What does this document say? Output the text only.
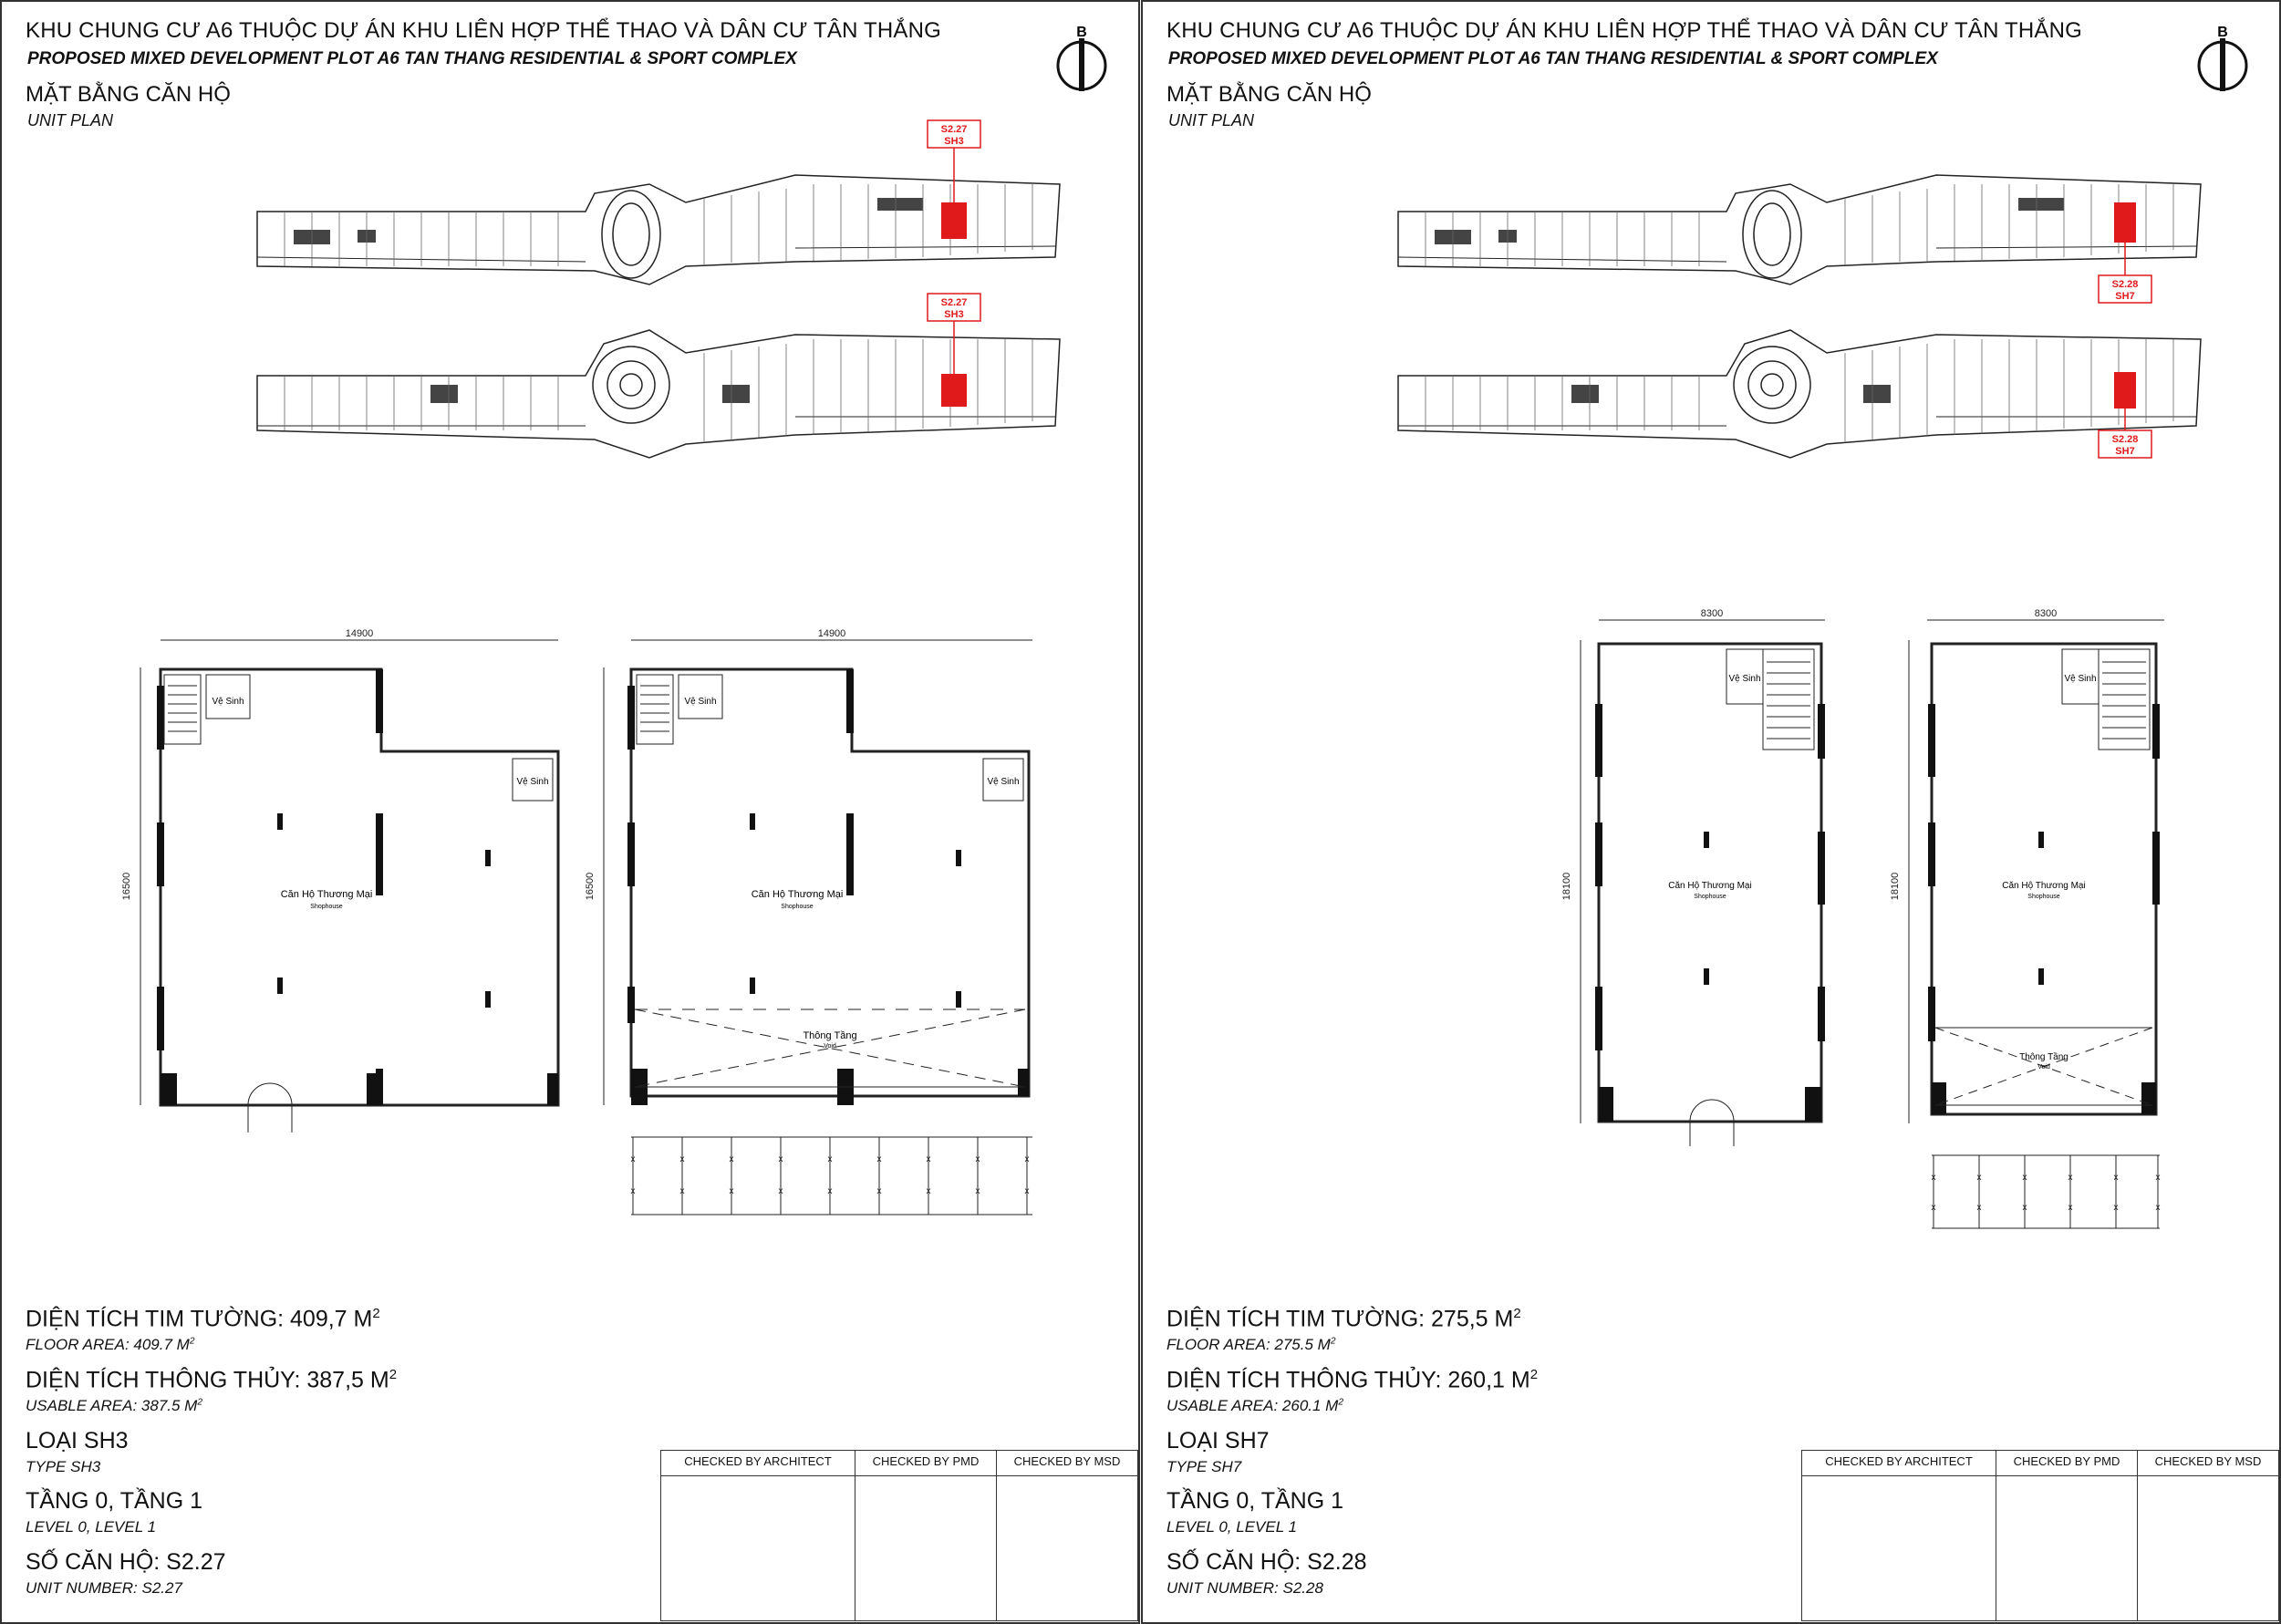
KHU CHUNG CƯ A6 THUỘC DỰ ÁN KHU LIÊN HỢP THỂ THAO VÀ DÂN CƯ TÂN THẮNG
PROPOSED MIXED DEVELOPMENT PLOT A6 TAN THANG RESIDENTIAL & SPORT COMPLEX
MẶT BẰNG CĂN HỘ
UNIT PLAN
B
S2.27
SH3
S2.27
SH3
14900
16500
14900
16500
Vệ Sinh
Vệ Sinh
Căn Hộ Thương Mại
Shophouse
Vệ Sinh
Vệ Sinh
Căn Hộ Thương Mại
Shophouse
Thông Tầng
Void
x	x	x	x	x	x	x	x	x
x	x	x	x	x	x	x	x	x
DIỆN TÍCH TIM TƯỜNG: 409,7 $M^2$
FLOOR AREA: 409.7 $M^2$
DIỆN TÍCH THÔNG THỦY: 387,5 $M^2$
USABLE AREA: 387.5 $M^2$
LOẠI SH3
TYPE SH3
TẦNG 0, TẦNG 1
LEVEL 0, LEVEL 1
SỐ CĂN HỘ: S2.27
UNIT NUMBER: S2.27
CHECKED BY ARCHITECT	CHECKED BY PMD	CHECKED BY MSD

KHU CHUNG CƯ A6 THUỘC DỰ ÁN KHU LIÊN HỢP THỂ THAO VÀ DÂN CƯ TÂN THẮNG
PROPOSED MIXED DEVELOPMENT PLOT A6 TAN THANG RESIDENTIAL & SPORT COMPLEX
MẶT BẰNG CĂN HỘ
UNIT PLAN
B
S2.28
SH7
S2.28
SH7
8300
18100
8300
18100
Vệ Sinh
Căn Hộ Thương Mại
Shophouse
Vệ Sinh
Căn Hộ Thương Mại
Shophouse
Thông Tầng
Void
x	x	x	x	x	x
x	x	x	x	x	x
DIỆN TÍCH TIM TƯỜNG: 275,5 $M^2$
FLOOR AREA: 275.5 $M^2$
DIỆN TÍCH THÔNG THỦY: 260,1 $M^2$
USABLE AREA: 260.1 $M^2$
LOẠI SH7
TYPE SH7
TẦNG 0, TẦNG 1
LEVEL 0, LEVEL 1
SỐ CĂN HỘ: S2.28
UNIT NUMBER: S2.28
CHECKED BY ARCHITECT	CHECKED BY PMD	CHECKED BY MSD
